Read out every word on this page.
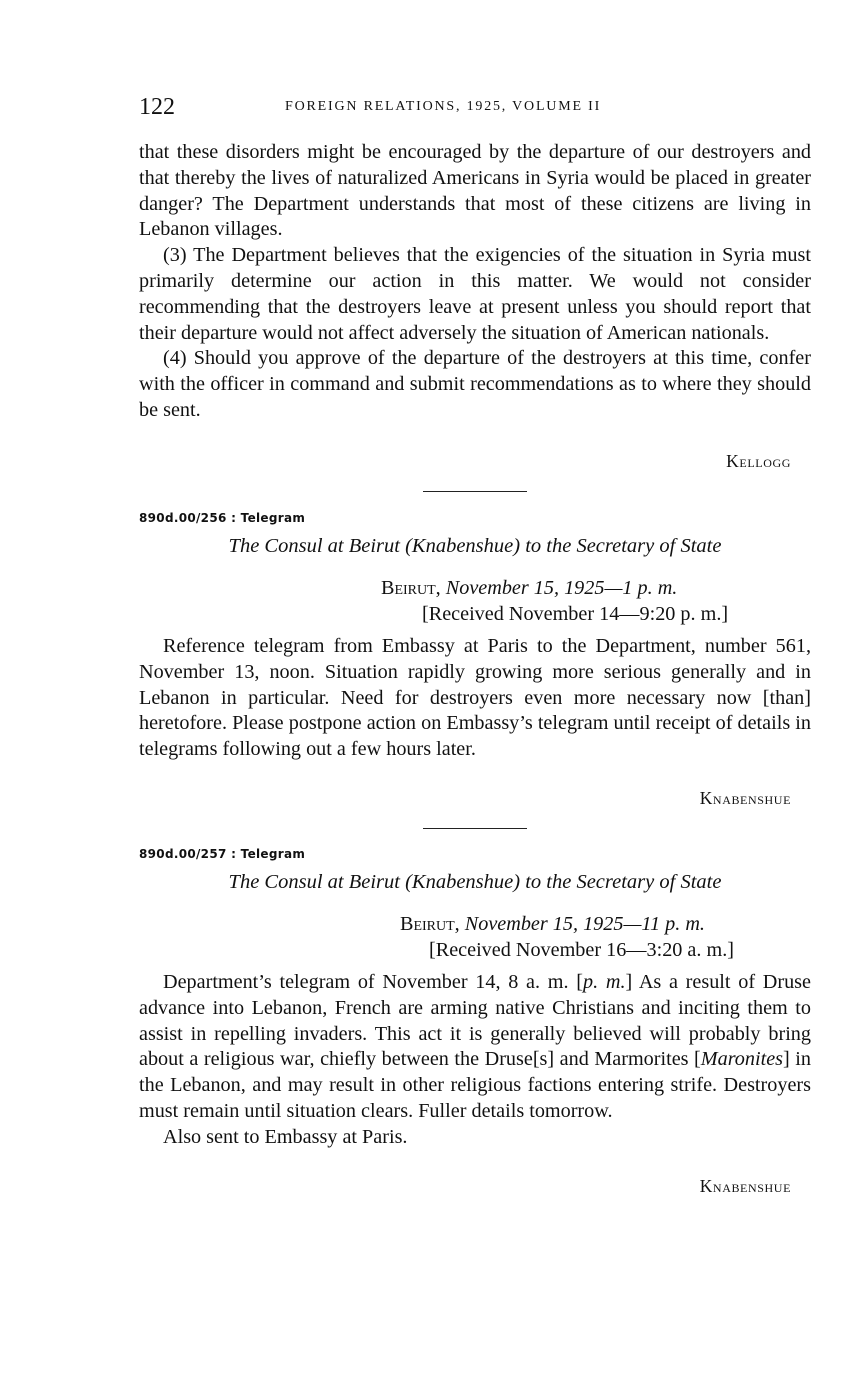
122	FOREIGN RELATIONS, 1925, VOLUME II

that these disorders might be encouraged by the departure of our destroyers and that thereby the lives of naturalized Americans in Syria would be placed in greater danger? The Department understands that most of these citizens are living in Lebanon villages.

(3) The Department believes that the exigencies of the situation in Syria must primarily determine our action in this matter. We would not consider recommending that the destroyers leave at present unless you should report that their departure would not affect adversely the situation of American nationals.

(4) Should you approve of the departure of the destroyers at this time, confer with the officer in command and submit recommendations as to where they should be sent.

Kellogg
890d.00/256 : Telegram
The Consul at Beirut (Knabenshue) to the Secretary of State
Beirut, November 15, 1925—1 p. m.
[Received November 14—9:20 p. m.]

Reference telegram from Embassy at Paris to the Department, number 561, November 13, noon. Situation rapidly growing more serious generally and in Lebanon in particular. Need for destroyers even more necessary now [than] heretofore. Please postpone action on Embassy’s telegram until receipt of details in telegrams following out a few hours later.

Knabenshue
890d.00/257 : Telegram
The Consul at Beirut (Knabenshue) to the Secretary of State
Beirut, November 15, 1925—11 p. m.
[Received November 16—3:20 a. m.]

Department’s telegram of November 14, 8 a. m. [p. m.] As a result of Druse advance into Lebanon, French are arming native Christians and inciting them to assist in repelling invaders. This act it is generally believed will probably bring about a religious war, chiefly between the Druse[s] and Marmorites [Maronites] in the Lebanon, and may result in other religious factions entering strife. Destroyers must remain until situation clears. Fuller details tomorrow.

Also sent to Embassy at Paris.

Knabenshue
